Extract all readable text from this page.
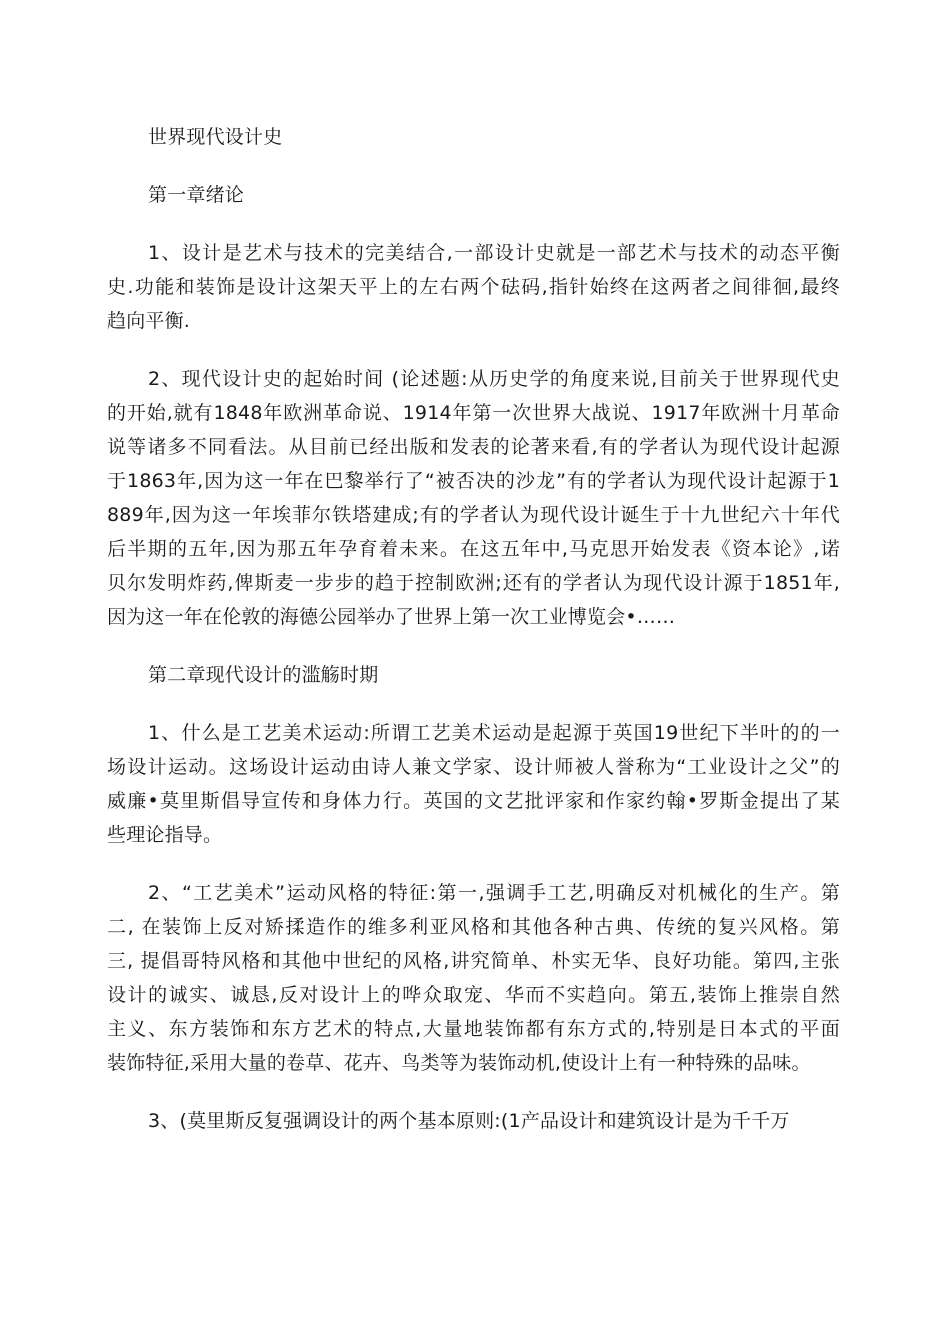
世界现代设计史
第一章绪论
1、设计是艺术与技术的完美结合,一部设计史就是一部艺术与技术的动态平衡
史.功能和装饰是设计这架天平上的左右两个砝码,指针始终在这两者之间徘徊,最终
趋向平衡.
2、现代设计史的起始时间 (论述题:从历史学的角度来说,目前关于世界现代史
的开始,就有1848年欧洲革命说、1914年第一次世界大战说、1917年欧洲十月革命
说等诸多不同看法。从目前已经出版和发表的论著来看,有的学者认为现代设计起源
于1863年,因为这一年在巴黎举行了“被否决的沙龙”有的学者认为现代设计起源于1
889年,因为这一年埃菲尔铁塔建成;有的学者认为现代设计诞生于十九世纪六十年代
后半期的五年,因为那五年孕育着未来。在这五年中,马克思开始发表《资本论》,诺
贝尔发明炸药,俾斯麦一步步的趋于控制欧洲;还有的学者认为现代设计源于1851年,
因为这一年在伦敦的海德公园举办了世界上第一次工业博览会•……
第二章现代设计的滥觞时期
1、什么是工艺美术运动:所谓工艺美术运动是起源于英国19世纪下半叶的的一
场设计运动。这场设计运动由诗人兼文学家、设计师被人誉称为“工业设计之父”的
威廉•莫里斯倡导宣传和身体力行。英国的文艺批评家和作家约翰•罗斯金提出了某
些理论指导。
2、“工艺美术”运动风格的特征:第一,强调手工艺,明确反对机械化的生产。第
二, 在装饰上反对矫揉造作的维多利亚风格和其他各种古典、传统的复兴风格。第
三, 提倡哥特风格和其他中世纪的风格,讲究简单、朴实无华、良好功能。第四,主张
设计的诚实、诚恳,反对设计上的哗众取宠、华而不实趋向。第五,装饰上推崇自然
主义、东方装饰和东方艺术的特点,大量地装饰都有东方式的,特别是日本式的平面
装饰特征,采用大量的卷草、花卉、鸟类等为装饰动机,使设计上有一种特殊的品味。
3、(莫里斯反复强调设计的两个基本原则:(1产品设计和建筑设计是为千千万
